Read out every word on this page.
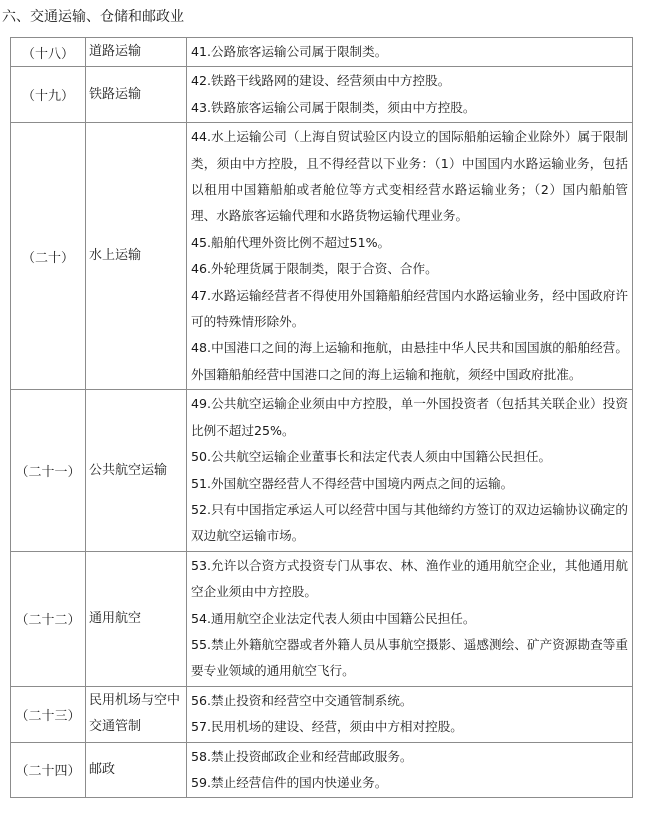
六、交通运输、仓储和邮政业
（十八）	道路运输	41.公路旅客运输公司属于限制类。

（十九）	铁路运输	42.铁路干线路网的建设、经营须由中方控股。
43.铁路旅客运输公司属于限制类，须由中方控股。

（二十）	水上运输	44.水上运输公司（上海自贸试验区内设立的国际船舶运输企业除外）属于限制类，须由中方控股，且不得经营以下业务：（1）中国国内水路运输业务，包括以租用中国籍船舶或者舱位等方式变相经营水路运输业务；（2）国内船舶管理、水路旅客运输代理和水路货物运输代理业务。
45.船舶代理外资比例不超过51%。
46.外轮理货属于限制类，限于合资、合作。
47.水路运输经营者不得使用外国籍船舶经营国内水路运输业务，经中国政府许可的特殊情形除外。
48.中国港口之间的海上运输和拖航，由悬挂中华人民共和国国旗的船舶经营。外国籍船舶经营中国港口之间的海上运输和拖航，须经中国政府批准。

（二十一）	公共航空运输	49.公共航空运输企业须由中方控股，单一外国投资者（包括其关联企业）投资比例不超过25%。
50.公共航空运输企业董事长和法定代表人须由中国籍公民担任。
51.外国航空器经营人不得经营中国境内两点之间的运输。
52.只有中国指定承运人可以经营中国与其他缔约方签订的双边运输协议确定的双边航空运输市场。

（二十二）	通用航空	53.允许以合资方式投资专门从事农、林、渔作业的通用航空企业，其他通用航空企业须由中方控股。
54.通用航空企业法定代表人须由中国籍公民担任。
55.禁止外籍航空器或者外籍人员从事航空摄影、遥感测绘、矿产资源勘查等重要专业领域的通用航空飞行。

（二十三）	民用机场与空中交通管制	56.禁止投资和经营空中交通管制系统。
57.民用机场的建设、经营，须由中方相对控股。

（二十四）	邮政	58.禁止投资邮政企业和经营邮政服务。
59.禁止经营信件的国内快递业务。
